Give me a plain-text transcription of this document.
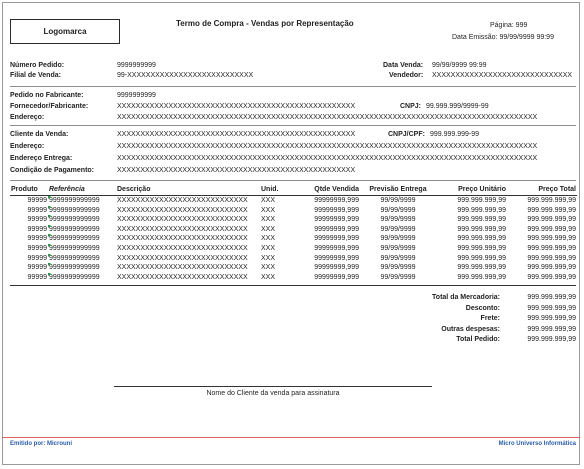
Logomarca
Termo de Compra - Vendas por Representação	Página: 999
Data Emissão: 99/99/9999 99:99
Número Pedido:	9999999999
Filial de Venda:	99-XXXXXXXXXXXXXXXXXXXXXXXXXXX
Data Venda: 99/99/9999 99:99
Vendedor: XXXXXXXXXXXXXXXXXXXXXXXXXXXXXX
Pedido no Fabricante:	9999999999
Fornecedor/Fabricante:	XXXXXXXXXXXXXXXXXXXXXXXXXXXXXXXXXXXXXXXXXXXXXXXXXXX	CNPJ: 99.999.999/9999-99
Endereço:	XXXXXXXXXXXXXXXXXXXXXXXXXXXXXXXXXXXXXXXXXXXXXXXXXXXXXXXXXXXXXXXXXXXXXXXXXXXXXXXXXXXXXXXXXX
Cliente da Venda:	XXXXXXXXXXXXXXXXXXXXXXXXXXXXXXXXXXXXXXXXXXXXXXXXXXX	CNPJ/CPF: 999.999.999-99
Endereço:	XXXXXXXXXXXXXXXXXXXXXXXXXXXXXXXXXXXXXXXXXXXXXXXXXXXXXXXXXXXXXXXXXXXXXXXXXXXXXXXXXXXXXXXXXX
Endereço Entrega:	XXXXXXXXXXXXXXXXXXXXXXXXXXXXXXXXXXXXXXXXXXXXXXXXXXXXXXXXXXXXXXXXXXXXXXXXXXXXXXXXXXXXXXXXXX
Condição de Pagamento:	XXXXXXXXXXXXXXXXXXXXXXXXXXXXXXXXXXXXXXXXXXXXXXXXXXX
Produto	Referência	Descrição	Unid.	Qtde Vendida	Previsão Entrega	Preço Unitário	Preço Total
99999	9999999999999	XXXXXXXXXXXXXXXXXXXXXXXXXXXX	XXX	99999999,999	99/99/9999	999.999.999,99	999.999.999,99
99999	9999999999999	XXXXXXXXXXXXXXXXXXXXXXXXXXXX	XXX	99999999,999	99/99/9999	999.999.999,99	999.999.999,99
99999	9999999999999	XXXXXXXXXXXXXXXXXXXXXXXXXXXX	XXX	99999999,999	99/99/9999	999.999.999,99	999.999.999,99
99999	9999999999999	XXXXXXXXXXXXXXXXXXXXXXXXXXXX	XXX	99999999,999	99/99/9999	999.999.999,99	999.999.999,99
99999	9999999999999	XXXXXXXXXXXXXXXXXXXXXXXXXXXX	XXX	99999999,999	99/99/9999	999.999.999,99	999.999.999,99
99999	9999999999999	XXXXXXXXXXXXXXXXXXXXXXXXXXXX	XXX	99999999,999	99/99/9999	999.999.999,99	999.999.999,99
99999	9999999999999	XXXXXXXXXXXXXXXXXXXXXXXXXXXX	XXX	99999999,999	99/99/9999	999.999.999,99	999.999.999,99
99999	9999999999999	XXXXXXXXXXXXXXXXXXXXXXXXXXXX	XXX	99999999,999	99/99/9999	999.999.999,99	999.999.999,99
99999	9999999999999	XXXXXXXXXXXXXXXXXXXXXXXXXXXX	XXX	99999999,999	99/99/9999	999.999.999,99	999.999.999,99
Total da Mercadoria:	999.999.999,99
Desconto:	999.999.999,99
Frete:	999.999.999,99
Outras despesas:	999.999.999,99
Total Pedido:	999.999.999,99
Nome do Cliente da venda para assinatura
Emitido por: Microuni	Micro Universo Informática
